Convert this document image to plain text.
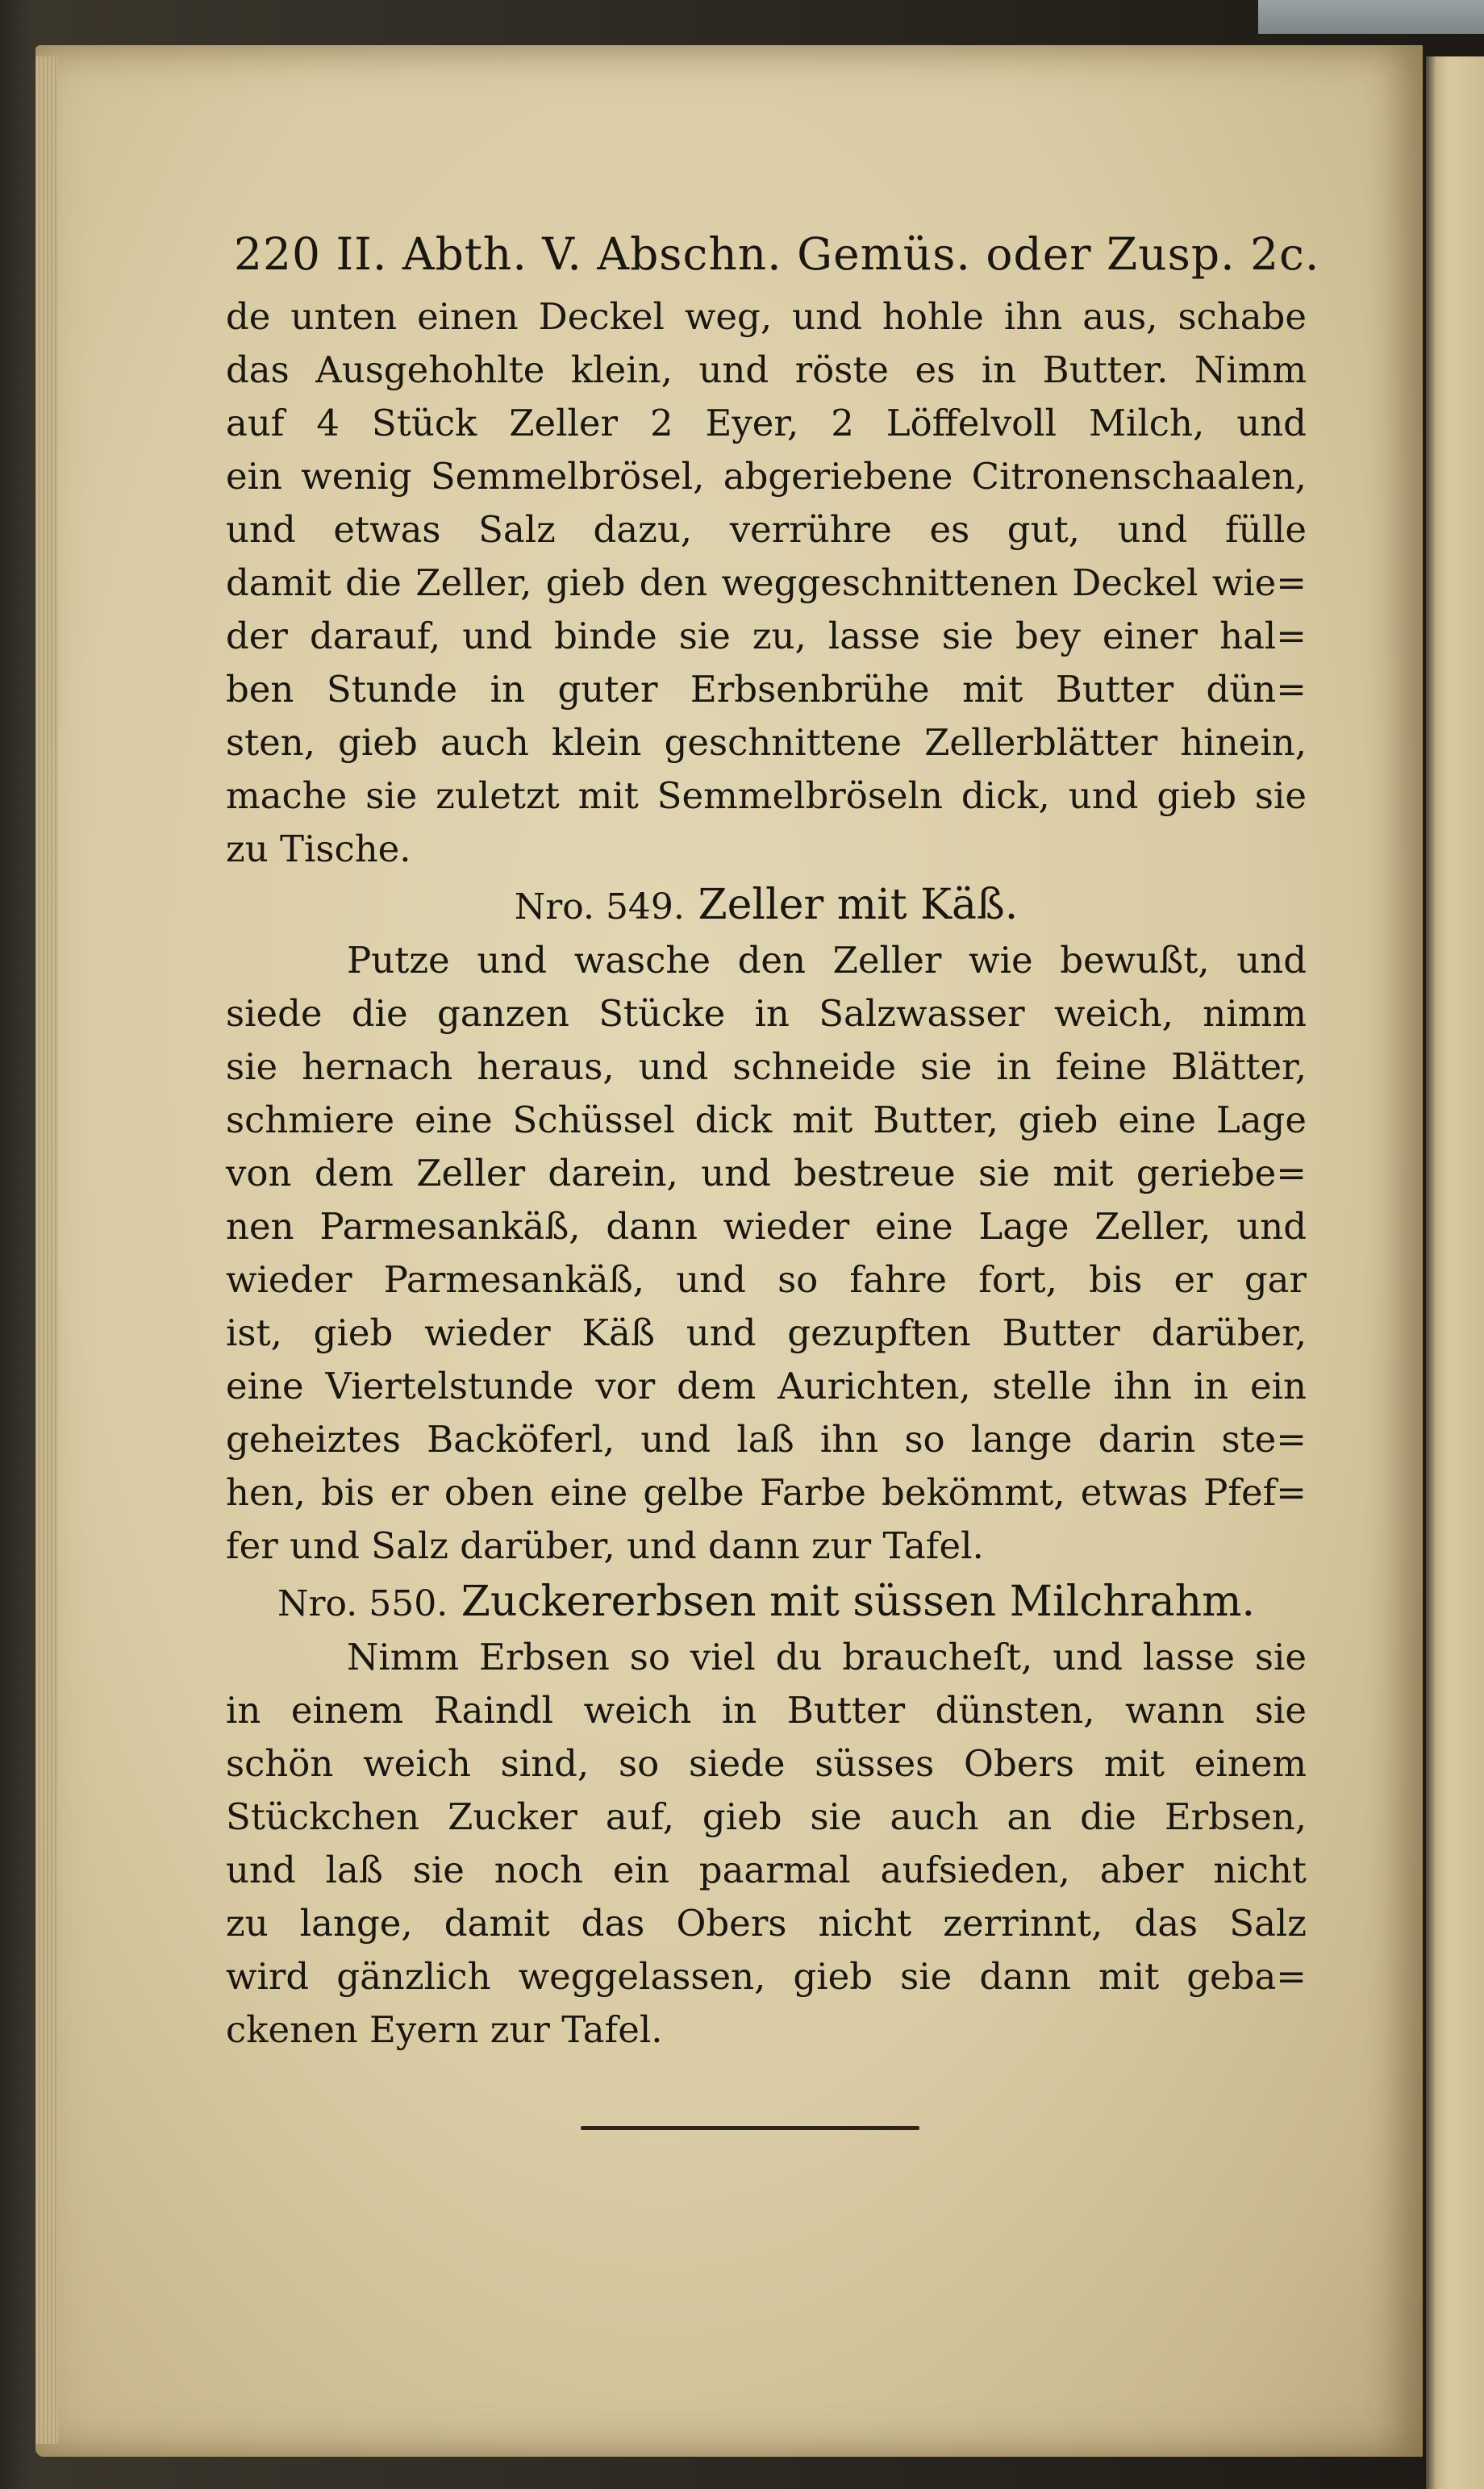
220 II. Abth. V. Abschn. Gemüs. oder Zusp. 2c.
de unten einen Deckel weg, und hohle ihn aus, schabe
das Ausgehohlte klein, und röste es in Butter. Nimm
auf 4 Stück Zeller 2 Eyer, 2 Löffelvoll Milch, und
ein wenig Semmelbrösel, abgeriebene Citronenschaalen,
und etwas Salz dazu, verrühre es gut, und fülle
damit die Zeller, gieb den weggeschnittenen Deckel wie=
der darauf, und binde sie zu, lasse sie bey einer hal=
ben Stunde in guter Erbsenbrühe mit Butter dün=
sten, gieb auch klein geschnittene Zellerblätter hinein,
mache sie zuletzt mit Semmelbröseln dick, und gieb sie
zu Tische.
Nro. 549. Zeller mit Käß.
Putze und wasche den Zeller wie bewußt, und
siede die ganzen Stücke in Salzwasser weich, nimm
sie hernach heraus, und schneide sie in feine Blätter,
schmiere eine Schüssel dick mit Butter, gieb eine Lage
von dem Zeller darein, und bestreue sie mit geriebe=
nen Parmesankäß, dann wieder eine Lage Zeller, und
wieder Parmesankäß, und so fahre fort, bis er gar
ist, gieb wieder Käß und gezupften Butter darüber,
eine Viertelstunde vor dem Aurichten, stelle ihn in ein
geheiztes Backöferl, und laß ihn so lange darin ste=
hen, bis er oben eine gelbe Farbe bekömmt, etwas Pfef=
fer und Salz darüber, und dann zur Tafel.
Nro. 550. Zuckererbsen mit süssen Milchrahm.
Nimm Erbsen so viel du braucheſt, und lasse sie
in einem Raindl weich in Butter dünsten, wann sie
schön weich sind, so siede süsses Obers mit einem
Stückchen Zucker auf, gieb sie auch an die Erbsen,
und laß sie noch ein paarmal aufsieden, aber nicht
zu lange, damit das Obers nicht zerrinnt, das Salz
wird gänzlich weggelassen, gieb sie dann mit geba=
ckenen Eyern zur Tafel.
